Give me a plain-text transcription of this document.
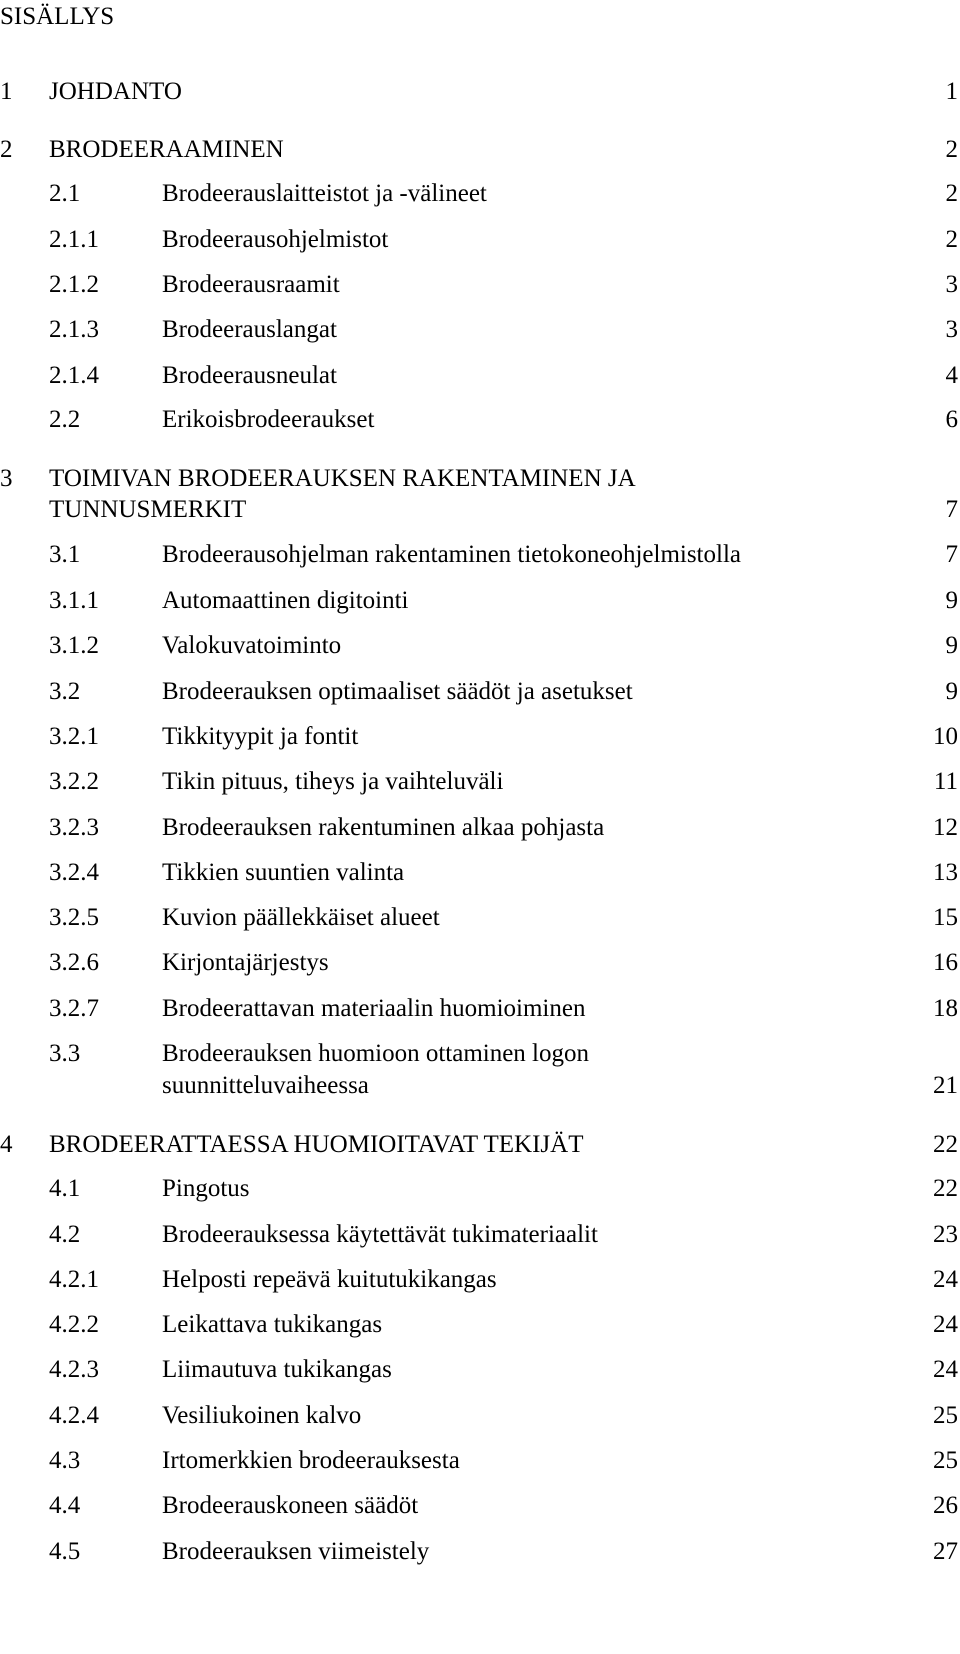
SISÄLLYS
1 JOHDANTO	1
2 BRODEERAAMINEN	2
2.1	Brodeerauslaitteistot ja -välineet	2
2.1.1	Brodeerausohjelmistot	2
2.1.2	Brodeerausraamit	3
2.1.3	Brodeerauslangat	3
2.1.4	Brodeerausneulat	4
2.2	Erikoisbrodeeraukset	6
3 TOIMIVAN BRODEERAUKSEN RAKENTAMINEN JA
TUNNUSMERKIT	7
3.1	Brodeerausohjelman rakentaminen tietokoneohjelmistolla	7
3.1.1	Automaattinen digitointi	9
3.1.2	Valokuvatoiminto	9
3.2	Brodeerauksen optimaaliset säädöt ja asetukset	9
3.2.1	Tikkityypit ja fontit	10
3.2.2	Tikin pituus, tiheys ja vaihteluväli	11
3.2.3	Brodeerauksen rakentuminen alkaa pohjasta	12
3.2.4	Tikkien suuntien valinta	13
3.2.5	Kuvion päällekkäiset alueet	15
3.2.6	Kirjontajärjestys	16
3.2.7	Brodeerattavan materiaalin huomioiminen	18
3.3	Brodeerauksen huomioon ottaminen logon
suunnitteluvaiheessa	21
4 BRODEERATTAESSA HUOMIOITAVAT TEKIJÄT	22
4.1	Pingotus	22
4.2	Brodeerauksessa käytettävät tukimateriaalit	23
4.2.1	Helposti repeävä kuitutukikangas	24
4.2.2	Leikattava tukikangas	24
4.2.3	Liimautuva tukikangas	24
4.2.4	Vesiliukoinen kalvo	25
4.3	Irtomerkkien brodeerauksesta	25
4.4	Brodeerauskoneen säädöt	26
4.5	Brodeerauksen viimeistely	27
